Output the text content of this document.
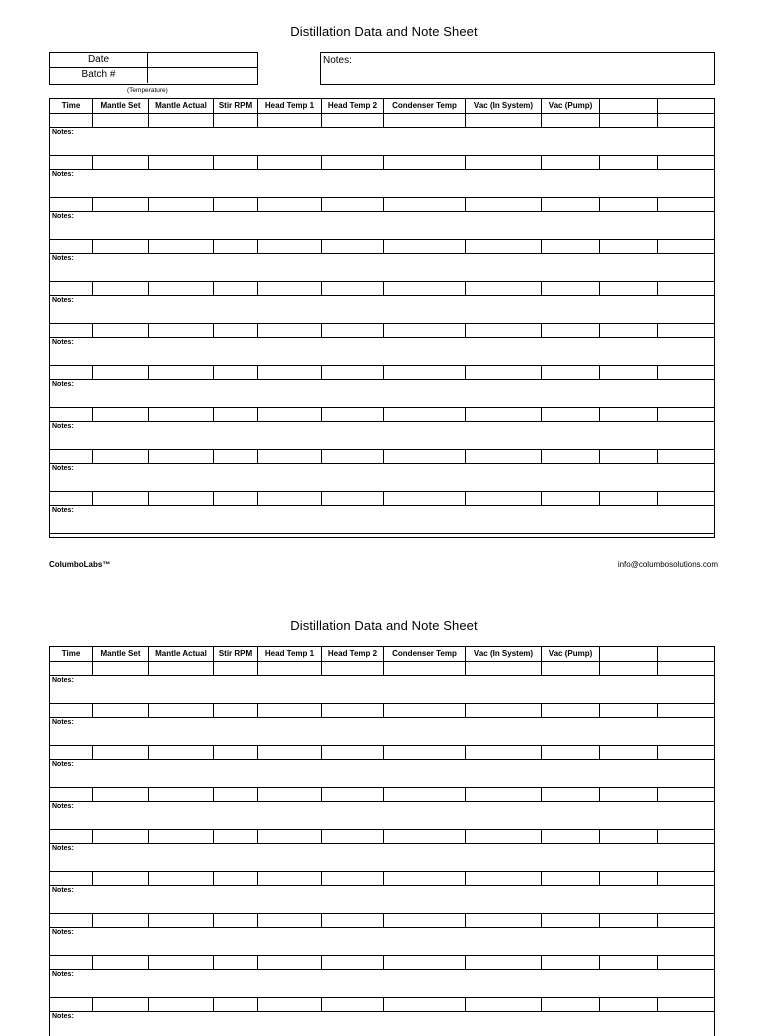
Distillation Data and Note Sheet
Date
Batch #
Notes:
(Temperature)
Time	Mantle Set	Mantle Actual	Stir RPM	Head Temp 1	Head Temp 2	Condenser Temp	Vac (In System)	Vac (Pump)
Notes:
Notes:
Notes:
Notes:
Notes:
Notes:
Notes:
Notes:
Notes:
Notes:
ColumboLabs™	info@columbosolutions.com
Distillation Data and Note Sheet
Time	Mantle Set	Mantle Actual	Stir RPM	Head Temp 1	Head Temp 2	Condenser Temp	Vac (In System)	Vac (Pump)
Notes:
Notes:
Notes:
Notes:
Notes:
Notes:
Notes:
Notes:
Notes:
